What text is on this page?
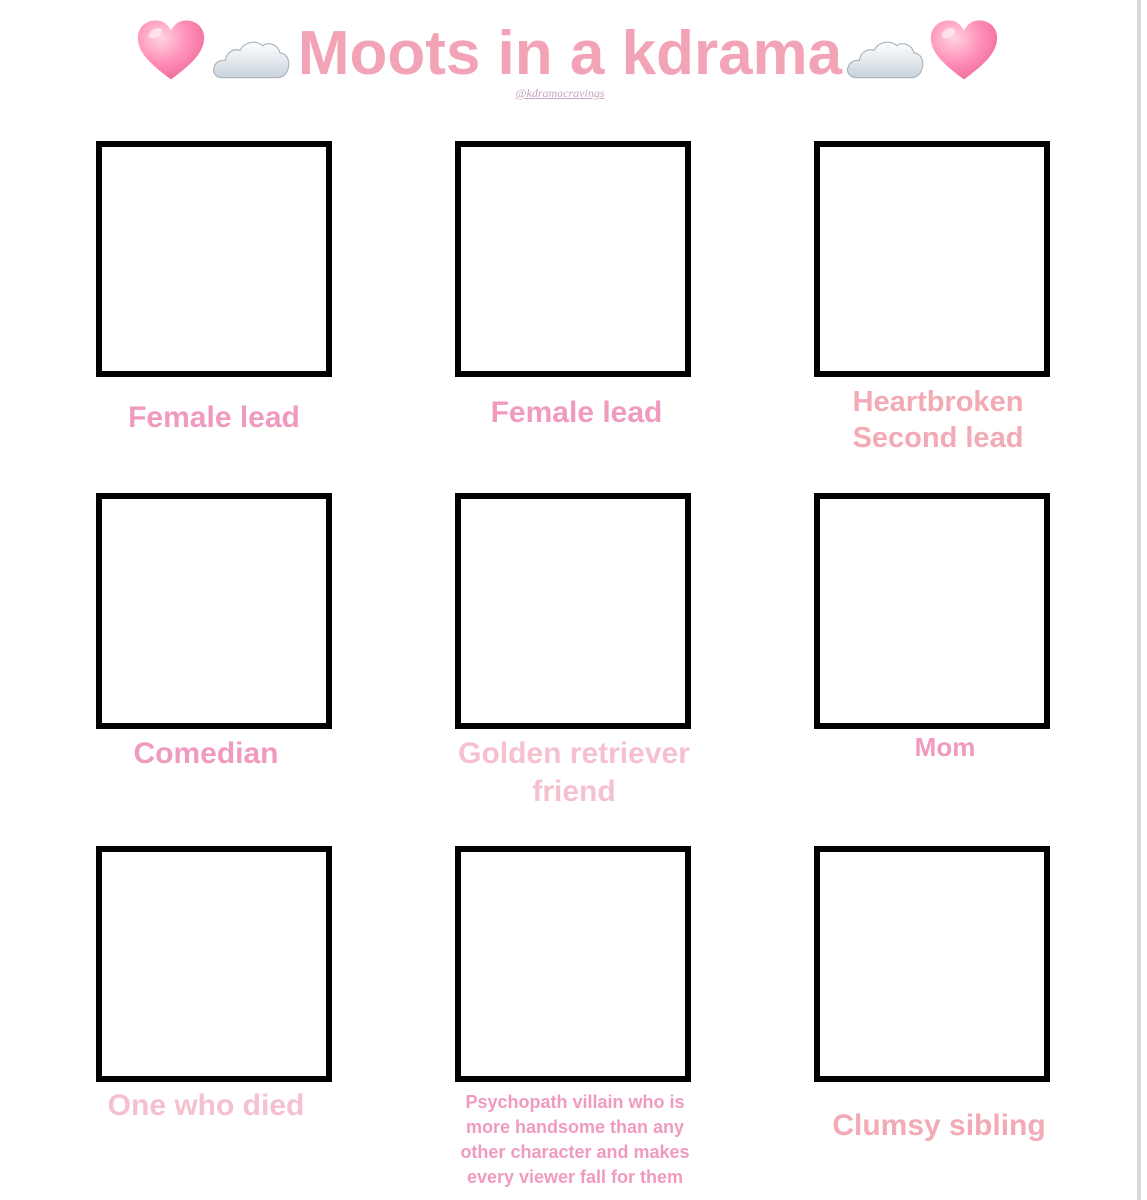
Moots in a kdrama
@kdramacravings
Female lead	Female lead	Heartbroken
Second lead
Comedian	Golden retriever
friend
Mom
One who died	Psychopath villain who is
more handsome than any
other character and makes
every viewer fall for them
Clumsy sibling
